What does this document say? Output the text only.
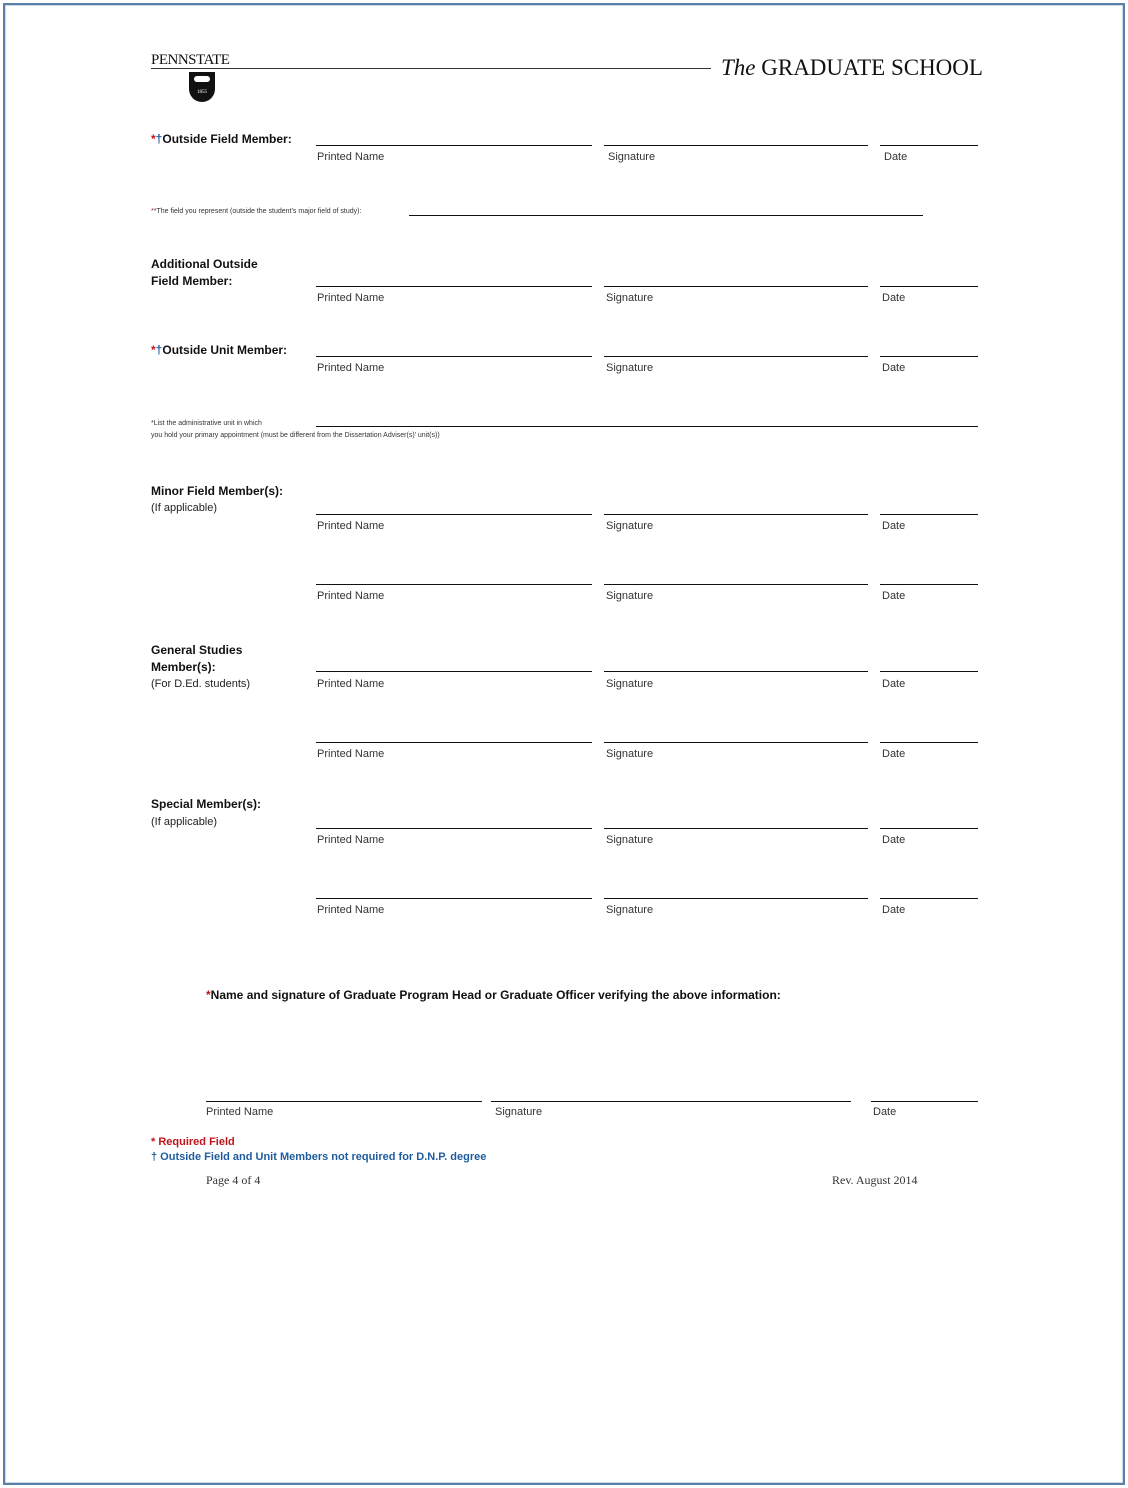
PENNSTATE
1855
The GRADUATE SCHOOL
*†Outside Field Member:
Printed Name	Signature	Date
**The field you represent (outside the student’s major field of study):
Additional Outside
Field Member:
Printed Name	Signature	Date
*†Outside Unit Member:
Printed Name	Signature	Date
*List the administrative unit in which
you hold your primary appointment (must be different from the Dissertation Adviser(s)’ unit(s))
Minor Field Member(s):
(If applicable)
Printed Name	Signature	Date
Printed Name	Signature	Date
General Studies
Member(s):
(For D.Ed. students)	Printed Name	Signature	Date
Printed Name	Signature	Date
Special Member(s):
(If applicable)
Printed Name	Signature	Date
Printed Name	Signature	Date
*Name and signature of Graduate Program Head or Graduate Officer verifying the above information:
Printed Name	Signature	Date
* Required Field
† Outside Field and Unit Members not required for D.N.P. degree
Page 4 of 4	Rev. August 2014
